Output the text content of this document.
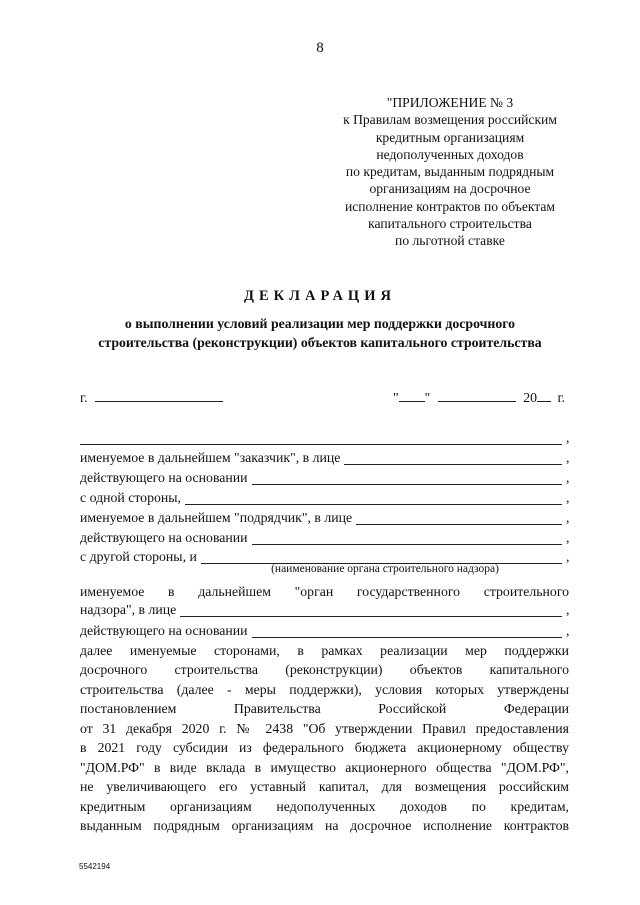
8
"ПРИЛОЖЕНИЕ № 3
к Правилам возмещения российским
кредитным организациям
недополученных доходов
по кредитам, выданным подрядным
организациям на досрочное
исполнение контрактов по объектам
капитального строительства
по льготной ставке
ДЕКЛАРАЦИЯ
о выполнении условий реализации мер поддержки досрочного
строительства (реконструкции) объектов капитального строительства
г.	" "	20 г.
,
именуемое в дальнейшем "заказчик", в лице	,
действующего на основании	,
с одной стороны,	,
именуемое в дальнейшем "подрядчик", в лице	,
действующего на основании	,
с другой стороны, и	,
(наименование органа строительного надзора)
именуемое в дальнейшем "орган государственного строительного
надзора", в лице	,
действующего на основании	,
далее именуемые сторонами, в рамках реализации мер поддержки
досрочного строительства (реконструкции) объектов капитального
строительства (далее - меры поддержки), условия которых утверждены
постановлением Правительства Российской Федерации
от 31 декабря 2020 г. № 2438 "Об утверждении Правил предоставления
в 2021 году субсидии из федерального бюджета акционерному обществу
"ДОМ.РФ" в виде вклада в имущество акционерного общества "ДОМ.РФ",
не увеличивающего его уставный капитал, для возмещения российским
кредитным организациям недополученных доходов по кредитам,
выданным подрядным организациям на досрочное исполнение контрактов
5542194
